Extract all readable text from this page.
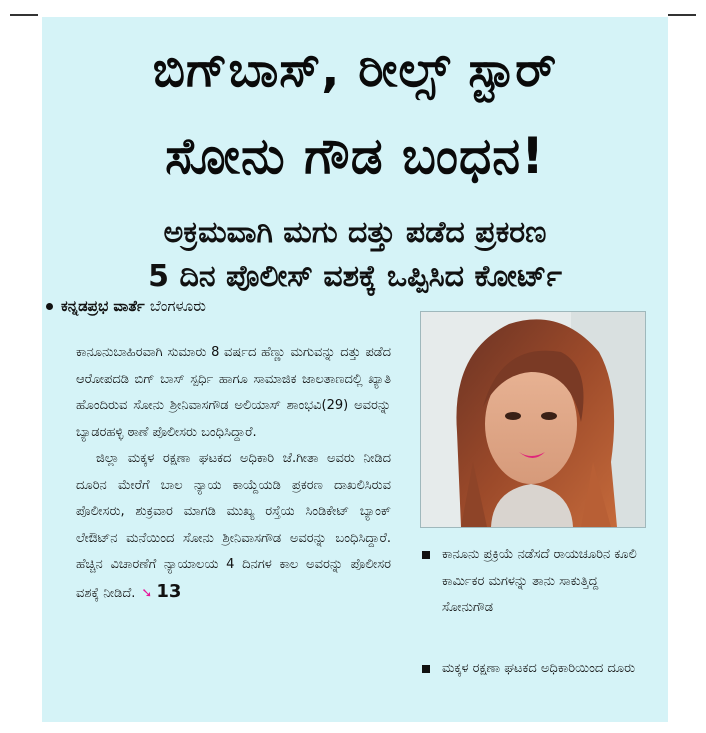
ಬಿಗ್‌ಬಾಸ್, ರೀಲ್ಸ್ ಸ್ಟಾರ್
ಸೋನು ಗೌಡ ಬಂಧನ!
ಅಕ್ರಮವಾಗಿ ಮಗು ದತ್ತು ಪಡೆದ ಪ್ರಕರಣ
5 ದಿನ ಪೊಲೀಸ್ ವಶಕ್ಕೆ ಒಪ್ಪಿಸಿದ ಕೋರ್ಟ್
ಕನ್ನಡಪ್ರಭ ವಾರ್ತೆ ಬೆಂಗಳೂರು

ಕಾನೂನುಬಾಹಿರವಾಗಿ ಸುಮಾರು 8 ವರ್ಷದ ಹೆಣ್ಣು ಮಗುವನ್ನು ದತ್ತು ಪಡೆದ ಆರೋಪದಡಿ ಬಿಗ್ ಬಾಸ್ ಸ್ಪರ್ಧಿ ಹಾಗೂ ಸಾಮಾಜಿಕ ಜಾಲತಾಣದಲ್ಲಿ ಖ್ಯಾತಿ ಹೊಂದಿರುವ ಸೋನು ಶ್ರೀನಿವಾಸಗೌಡ ಅಲಿಯಾಸ್ ಶಾಂಭವಿ(29) ಅವರನ್ನು ಬ್ಯಾಡರಹಳ್ಳಿ ಠಾಣೆ ಪೊಲೀಸರು ಬಂಧಿಸಿದ್ದಾರೆ.

ಜಿಲ್ಲಾ ಮಕ್ಕಳ ರಕ್ಷಣಾ ಘಟಕದ ಅಧಿಕಾರಿ ಜೆ.ಗೀತಾ ಅವರು ನೀಡಿದ ದೂರಿನ ಮೇರೆಗೆ ಬಾಲ ನ್ಯಾಯ ಕಾಯ್ದೆಯಡಿ ಪ್ರಕರಣ ದಾಖಲಿಸಿರುವ ಪೊಲೀಸರು, ಶುಕ್ರವಾರ ಮಾಗಡಿ ಮುಖ್ಯ ರಸ್ತೆಯ ಸಿಂಡಿಕೇಟ್ ಬ್ಯಾಂಕ್ ಲೇಔಟ್‌ನ ಮನೆಯಿಂದ ಸೋನು ಶ್ರೀನಿವಾಸಗೌಡ ಅವರನ್ನು ಬಂಧಿಸಿದ್ದಾರೆ. ಹೆಚ್ಚಿನ ವಿಚಾರಣೆಗೆ ನ್ಯಾಯಾಲಯ 4 ದಿನಗಳ ಕಾಲ ಅವರನ್ನು ಪೊಲೀಸರ ವಶಕ್ಕೆ ನೀಡಿದೆ. ➘ 13

ಕಾನೂನು ಪ್ರಕ್ರಿಯೆ ನಡೆಸದೆ ರಾಯಚೂರಿನ ಕೂಲಿ ಕಾರ್ಮಿಕರ ಮಗಳನ್ನು ತಾನು ಸಾಕುತ್ತಿದ್ದ ಸೋನುಗೌಡ
ಮಕ್ಕಳ ರಕ್ಷಣಾ ಘಟಕದ ಅಧಿಕಾರಿಯಿಂದ ದೂರು
